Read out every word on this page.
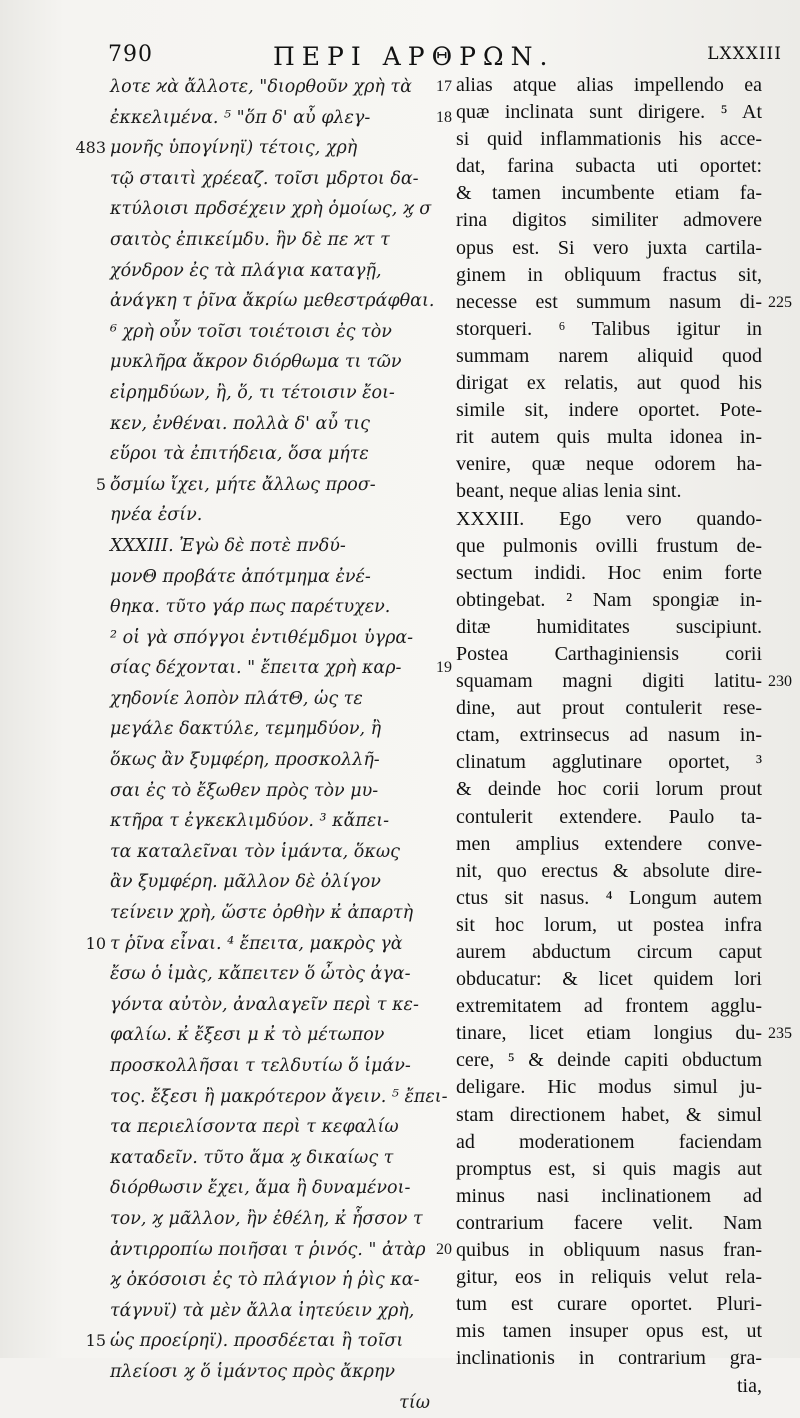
790	ΠΕΡΙ ΑΡΘΡΩΝ.	LXXXIII
λοτε ϰὰ ἄλλοτε, "διορθοῦν χρὴ τὰ 17
ἐκκελιμένα. ⁵ "ὅπ δ' αὖ φλεγ-	18
μονῆς ὑπογίνηϊ) τέτοις, χρὴ
483
τῷ σταιτὶ χρέεαζ. τοῖσι μδρτοι δα-
κτύλοισι πρδσέχειν χρὴ ὁμοίως, ϗ σ
σαιτὸς ἐπικείμδυ. ἢν δὲ πε ϰτ τ
χόνδρον ἐς τὰ πλάγια καταγῇ,
ἀνάγκη τ ῥῖνα ἄκρίω μεθεστράφθαι.
⁶ χρὴ οὖν τοῖσι τοιέτοισι ἐς τὸν
μυκλῆρα ἄκρον διόρθωμα τι τῶν
εἰρημδύων, ἢ, ὅ, τι τέτοισιν ἔοι-
κεν, ἐνθέναι. πολλὰ δ' αὖ τις
εὕροι τὰ ἐπιτήδεια, ὅσα μήτε
ὄσμίω ἴχει, μήτε ἄλλως προσ-
5
ηνέα ἐσίν.
XXXIII. Ἐγὼ δὲ ποτὲ πνδύ-
μονΘ προβάτε ἀπότμημα ἐνέ-
θηκα. τῦτο γάρ πως παρέτυχεν.
² οἱ γὰ σπόγγοι ἐντιθέμδμοι ὑγρα-
σίας δέχονται. " ἔπειτα χρὴ καρ- 19
χηδονίε λοπὸν πλάτΘ, ὡς τε
μεγάλε δακτύλε, τεμημδύον, ἢ
ὅκως ἂν ξυμφέρη, προσκολλῆ-
σαι ἐς τὸ ἔξωθεν πρὸς τὸν μυ-
κτῆρα τ ἐγκεκλιμδύον. ³ κἄπει-
τα καταλεῖναι τὸν ἱμάντα, ὅκως
ἂν ξυμφέρη. μᾶλλον δὲ ὀλίγον
τείνειν χρὴ, ὥστε ὀρθὴν κ̓ ἀπαρτὴ
τ ῥῖνα εἶναι. ⁴ ἔπειτα, μακρὸς γὰ
10
ἔσω ὁ ἱμὰς, κἄπειτεν ὅ ὦτὸς ἀγα-
γόντα αὐτὸν, ἀναλαγεῖν περὶ τ κε-
φαλίω. κ̓ ἔξεσι μ κ̓ τὸ μέτωπον
προσκολλῆσαι τ τελδυτίω ὅ ἱμάν-
τος. ἔξεσι ἢ μακρότερον ἄγειν. ⁵ ἔπει-
τα περιελίσοντα περὶ τ κεφαλίω
καταδεῖν. τῦτο ἅμα ϗ δικαίως τ
διόρθωσιν ἔχει, ἅμα ἢ δυναμένοι-
τον, ϗ μᾶλλον, ἢν ἐθέλη, κ̓ ἧσσον τ
ἀντιρροπίω ποιῆσαι τ ῥινός. " ἀτὰρ 20
ϗ ὁκόσοισι ἐς τὸ πλάγιον ἡ ῥὶς κα-
τάγνυϊ) τὰ μὲν ἄλλα ἰητεύειν χρὴ,
ὡς προείρηϊ). προσδέεται ἢ τοῖσι
15
πλείοσι ϗ ὅ ἱμάντος πρὸς ἄκρην
τίω
alias atque alias impellendo ea
quæ inclinata sunt dirigere. ⁵ At
si quid inflammationis his acce-
dat, farina subacta uti oportet:
& tamen incumbente etiam fa-
rina digitos similiter admovere
opus est. Si vero juxta cartila-
ginem in obliquum fractus sit,
necesse est summum nasum di- 225
storqueri. ⁶ Talibus igitur in
summam narem aliquid quod
dirigat ex relatis, aut quod his
simile sit, indere oportet. Pote-
rit autem quis multa idonea in-
venire, quæ neque odorem ha-
beant, neque alias lenia sint.
XXXIII. Ego vero quando-
que pulmonis ovilli frustum de-
sectum indidi. Hoc enim forte
obtingebat. ² Nam spongiæ in-
ditæ humiditates suscipiunt.
Postea Carthaginiensis corii
squamam magni digiti latitu- 230
dine, aut prout contulerit rese-
ctam, extrinsecus ad nasum in-
clinatum agglutinare oportet, ³
& deinde hoc corii lorum prout
contulerit extendere. Paulo ta-
men amplius extendere conve-
nit, quo erectus & absolute dire-
ctus sit nasus. ⁴ Longum autem
sit hoc lorum, ut postea infra
aurem abductum circum caput
obducatur: & licet quidem lori
extremitatem ad frontem agglu-
tinare, licet etiam longius du- 235
cere, ⁵ & deinde capiti obductum
deligare. Hic modus simul ju-
stam directionem habet, & simul
ad moderationem faciendam
promptus est, si quis magis aut
minus nasi inclinationem ad
contrarium facere velit. Nam
quibus in obliquum nasus fran-
gitur, eos in reliquis velut rela-
tum est curare oportet. Pluri-
mis tamen insuper opus est, ut
inclinationis in contrarium gra-
tia,
